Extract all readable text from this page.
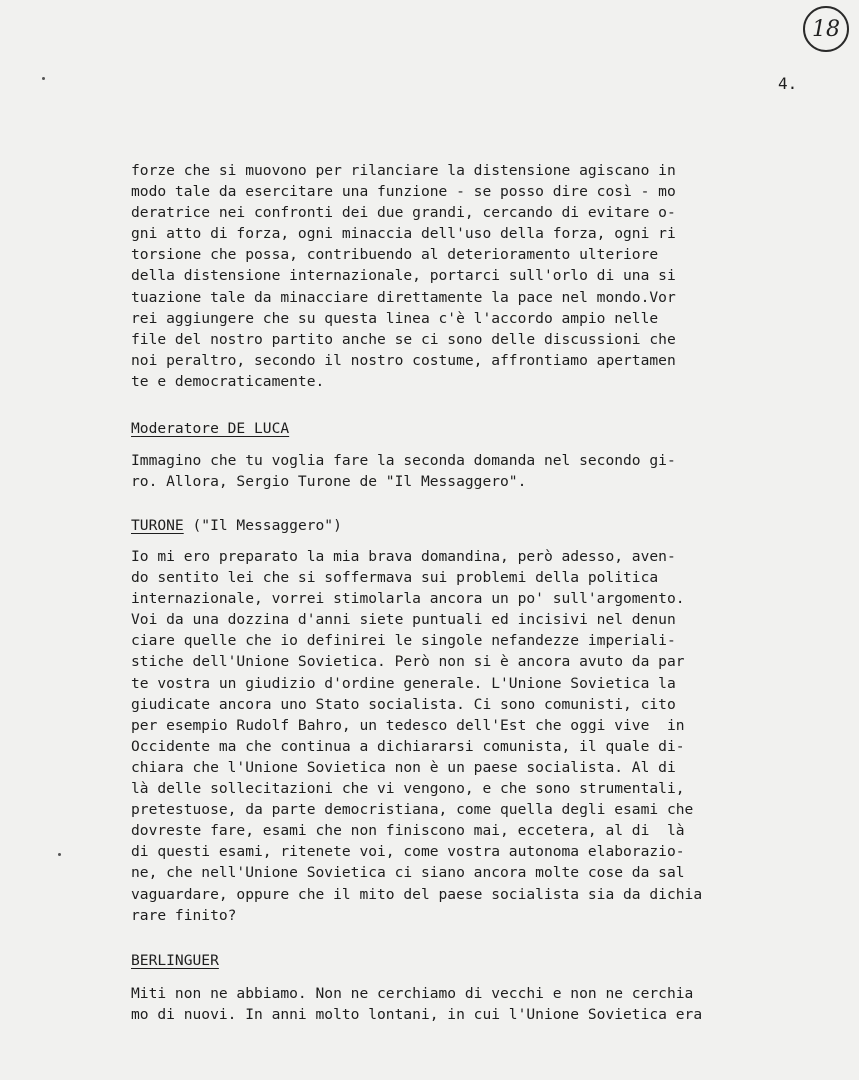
18
4.
forze che si muovono per rilanciare la distensione agiscano in
modo tale da esercitare una funzione - se posso dire così - mo
deratrice nei confronti dei due grandi, cercando di evitare o-
gni atto di forza, ogni minaccia dell'uso della forza, ogni ri
torsione che possa, contribuendo al deterioramento ulteriore
della distensione internazionale, portarci sull'orlo di una si
tuazione tale da minacciare direttamente la pace nel mondo.Vor
rei aggiungere che su questa linea c'è l'accordo ampio nelle
file del nostro partito anche se ci sono delle discussioni che
noi peraltro, secondo il nostro costume, affrontiamo apertamen
te e democraticamente.
Moderatore DE LUCA
Immagino che tu voglia fare la seconda domanda nel secondo gi-
ro. Allora, Sergio Turone de "Il Messaggero".
TURONE ("Il Messaggero")
Io mi ero preparato la mia brava domandina, però adesso, aven-
do sentito lei che si soffermava sui problemi della politica
internazionale, vorrei stimolarla ancora un po' sull'argomento.
Voi da una dozzina d'anni siete puntuali ed incisivi nel denun
ciare quelle che io definirei le singole nefandezze imperiali-
stiche dell'Unione Sovietica. Però non si è ancora avuto da par
te vostra un giudizio d'ordine generale. L'Unione Sovietica la
giudicate ancora uno Stato socialista. Ci sono comunisti, cito
per esempio Rudolf Bahro, un tedesco dell'Est che oggi vive  in
Occidente ma che continua a dichiararsi comunista, il quale di-
chiara che l'Unione Sovietica non è un paese socialista. Al di
là delle sollecitazioni che vi vengono, e che sono strumentali,
pretestuose, da parte democristiana, come quella degli esami che
dovreste fare, esami che non finiscono mai, eccetera, al di  là
di questi esami, ritenete voi, come vostra autonoma elaborazio-
ne, che nell'Unione Sovietica ci siano ancora molte cose da sal
vaguardare, oppure che il mito del paese socialista sia da dichia
rare finito?
BERLINGUER
Miti non ne abbiamo. Non ne cerchiamo di vecchi e non ne cerchia
mo di nuovi. In anni molto lontani, in cui l'Unione Sovietica era
